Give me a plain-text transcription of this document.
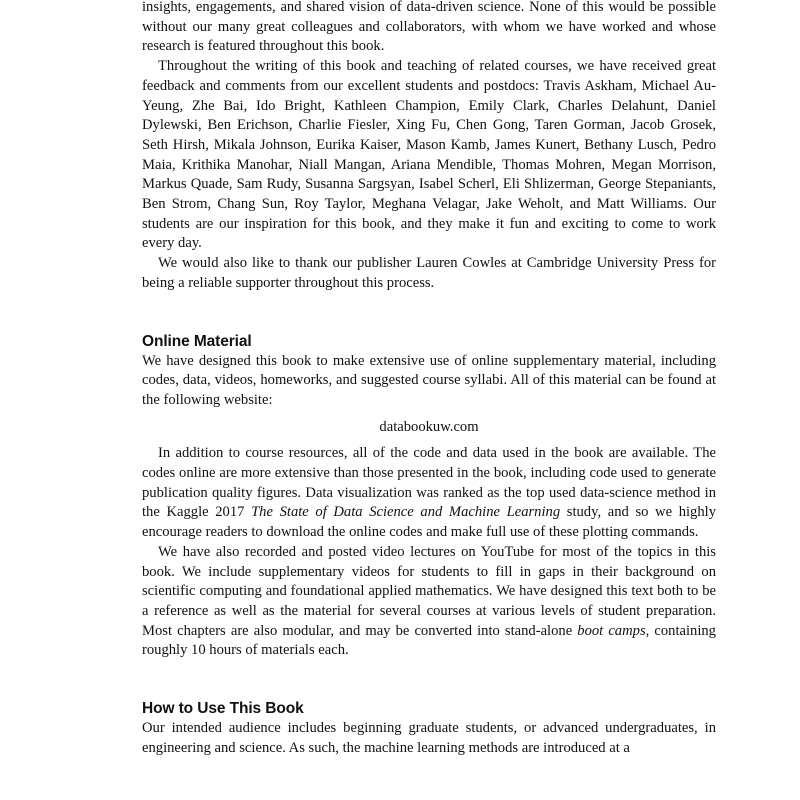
insights, engagements, and shared vision of data-driven science. None of this would be possible without our many great colleagues and collaborators, with whom we have worked and whose research is featured throughout this book.

Throughout the writing of this book and teaching of related courses, we have received great feedback and comments from our excellent students and postdocs: Travis Askham, Michael Au-Yeung, Zhe Bai, Ido Bright, Kathleen Champion, Emily Clark, Charles Delahunt, Daniel Dylewski, Ben Erichson, Charlie Fiesler, Xing Fu, Chen Gong, Taren Gorman, Jacob Grosek, Seth Hirsh, Mikala Johnson, Eurika Kaiser, Mason Kamb, James Kunert, Bethany Lusch, Pedro Maia, Krithika Manohar, Niall Mangan, Ariana Mendible, Thomas Mohren, Megan Morrison, Markus Quade, Sam Rudy, Susanna Sargsyan, Isabel Scherl, Eli Shlizerman, George Stepaniants, Ben Strom, Chang Sun, Roy Taylor, Meghana Velagar, Jake Weholt, and Matt Williams. Our students are our inspiration for this book, and they make it fun and exciting to come to work every day.

We would also like to thank our publisher Lauren Cowles at Cambridge University Press for being a reliable supporter throughout this process.

Online Material

We have designed this book to make extensive use of online supplementary material, including codes, data, videos, homeworks, and suggested course syllabi. All of this material can be found at the following website:

databookuw.com

In addition to course resources, all of the code and data used in the book are available. The codes online are more extensive than those presented in the book, including code used to generate publication quality figures. Data visualization was ranked as the top used data-science method in the Kaggle 2017 The State of Data Science and Machine Learning study, and so we highly encourage readers to download the online codes and make full use of these plotting commands.

We have also recorded and posted video lectures on YouTube for most of the topics in this book. We include supplementary videos for students to fill in gaps in their background on scientific computing and foundational applied mathematics. We have designed this text both to be a reference as well as the material for several courses at various levels of student preparation. Most chapters are also modular, and may be converted into stand-alone boot camps, containing roughly 10 hours of materials each.

How to Use This Book

Our intended audience includes beginning graduate students, or advanced undergraduates, in engineering and science. As such, the machine learning methods are introduced at a
